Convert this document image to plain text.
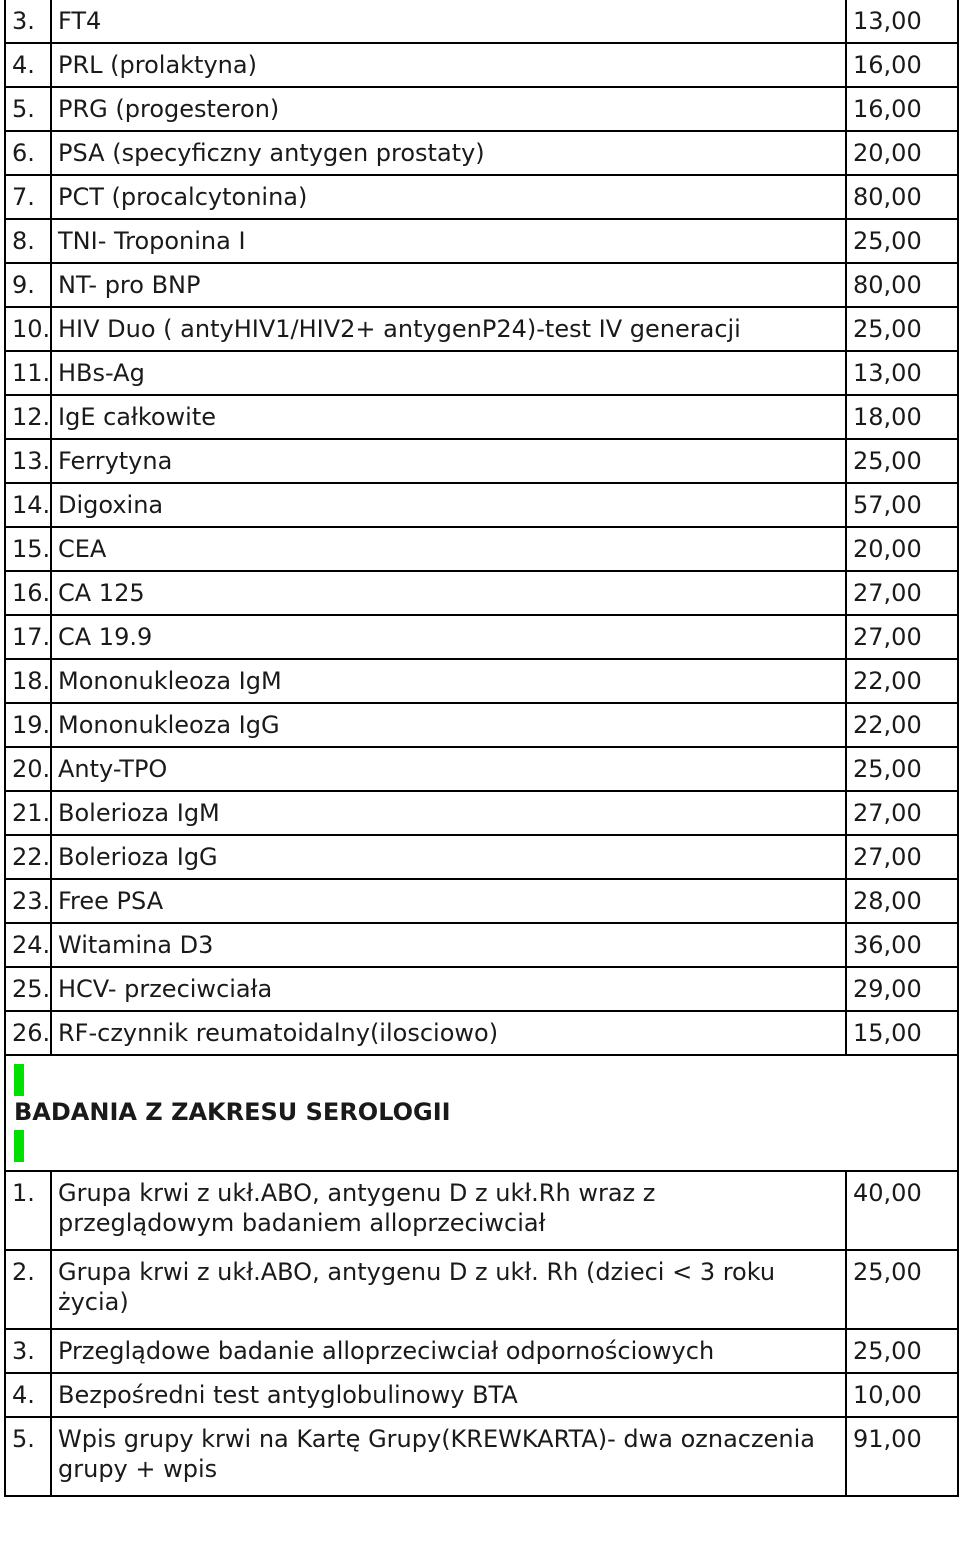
3.	FT4	13,00
4.	PRL (prolaktyna)	16,00
5.	PRG (progesteron)	16,00
6.	PSA (specyficzny antygen prostaty)	20,00
7.	PCT (procalcytonina)	80,00
8.	TNI- Troponina I	25,00
9.	NT- pro BNP	80,00
10.	HIV Duo ( antyHIV1/HIV2+ antygenP24)-test IV generacji	25,00
11.	HBs-Ag	13,00
12.	IgE całkowite	18,00
13.	Ferrytyna	25,00
14.	Digoxina	57,00
15.	CEA	20,00
16.	CA 125	27,00
17.	CA 19.9	27,00
18.	Mononukleoza IgM	22,00
19.	Mononukleoza IgG	22,00
20.	Anty-TPO	25,00
21.	Bolerioza IgM	27,00
22.	Bolerioza IgG	27,00
23.	Free PSA	28,00
24.	Witamina D3	36,00
25.	HCV- przeciwciała	29,00
26.	RF-czynnik reumatoidalny(ilosciowo)	15,00
BADANIA Z ZAKRESU SEROLOGII
1.	Grupa krwi z ukł.ABO, antygenu D z ukł.Rh wraz z przeglądowym badaniem alloprzeciwciał	40,00
2.	Grupa krwi z ukł.ABO, antygenu D z ukł. Rh (dzieci < 3 roku życia)	25,00
3.	Przeglądowe badanie alloprzeciwciał odpornościowych	25,00
4.	Bezpośredni test antyglobulinowy BTA	10,00
5.	Wpis grupy krwi na Kartę Grupy(KREWKARTA)- dwa oznaczenia grupy + wpis	91,00
